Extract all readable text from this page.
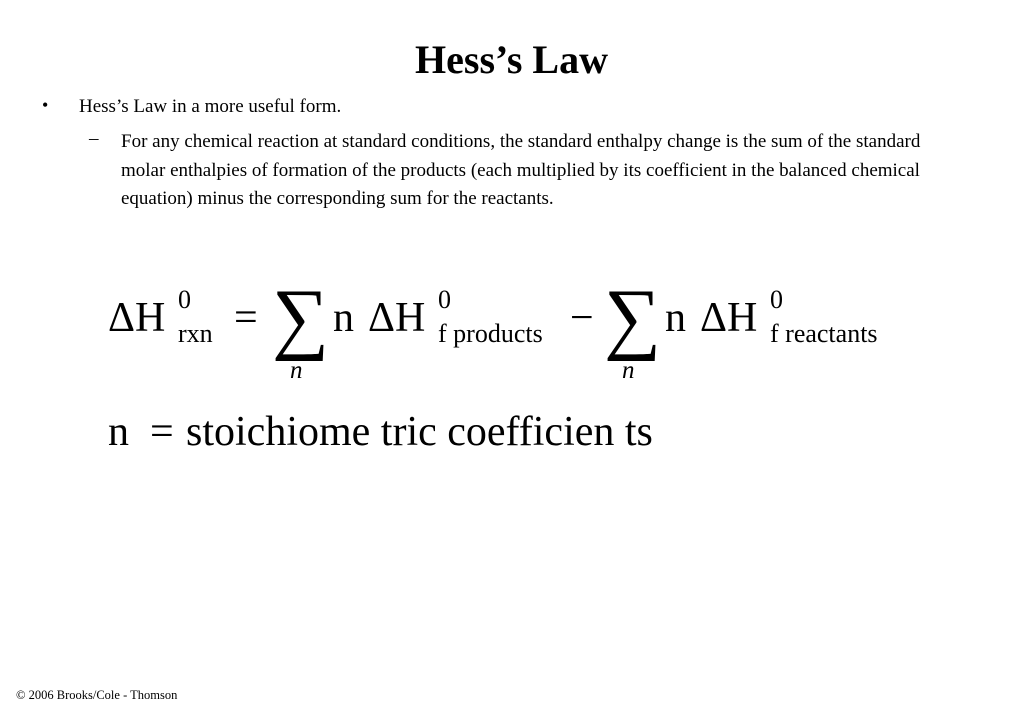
Hess’s Law
• Hess’s Law in a more useful form.
– For any chemical reaction at standard conditions, the standard enthalpy change is the sum of the standard molar enthalpies of formation of the products (each multiplied by its coefficient in the balanced chemical equation) minus the corresponding sum for the reactants.
ΔH 0
rxn = ∑
n
n ΔH 0
f products − ∑
n
n ΔH 0
f reactants
n = stoichiome tric coefficien ts
© 2006 Brooks/Cole - Thomson
